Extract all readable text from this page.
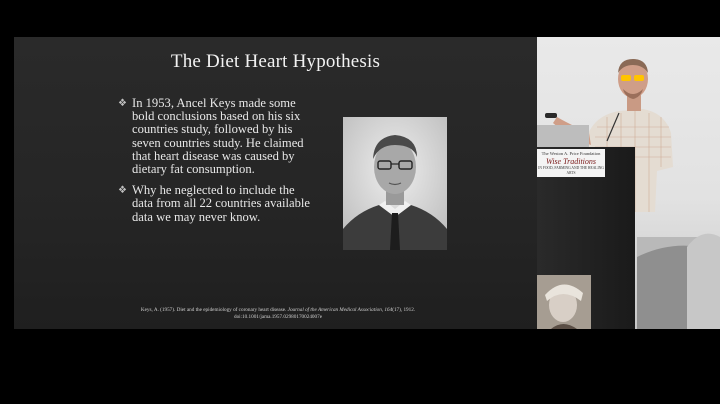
The Diet Heart Hypothesis
❖ In 1953, Ancel Keys made some bold conclusions based on his six countries study, followed by his seven countries study. He claimed that heart disease was caused by dietary fat consumption.
❖ Why he neglected to include the data from all 22 countries available data we may never know.
Keys, A. (1957). Diet and the epidemiology of coronary heart disease. Journal of the American Medical Association, 164(17), 1912. doi:10.1001/jama.1957.02980170024007e
The Weston A. Price Foundation
Wise Traditions
IN FOOD, FARMING AND THE HEALING ARTS
